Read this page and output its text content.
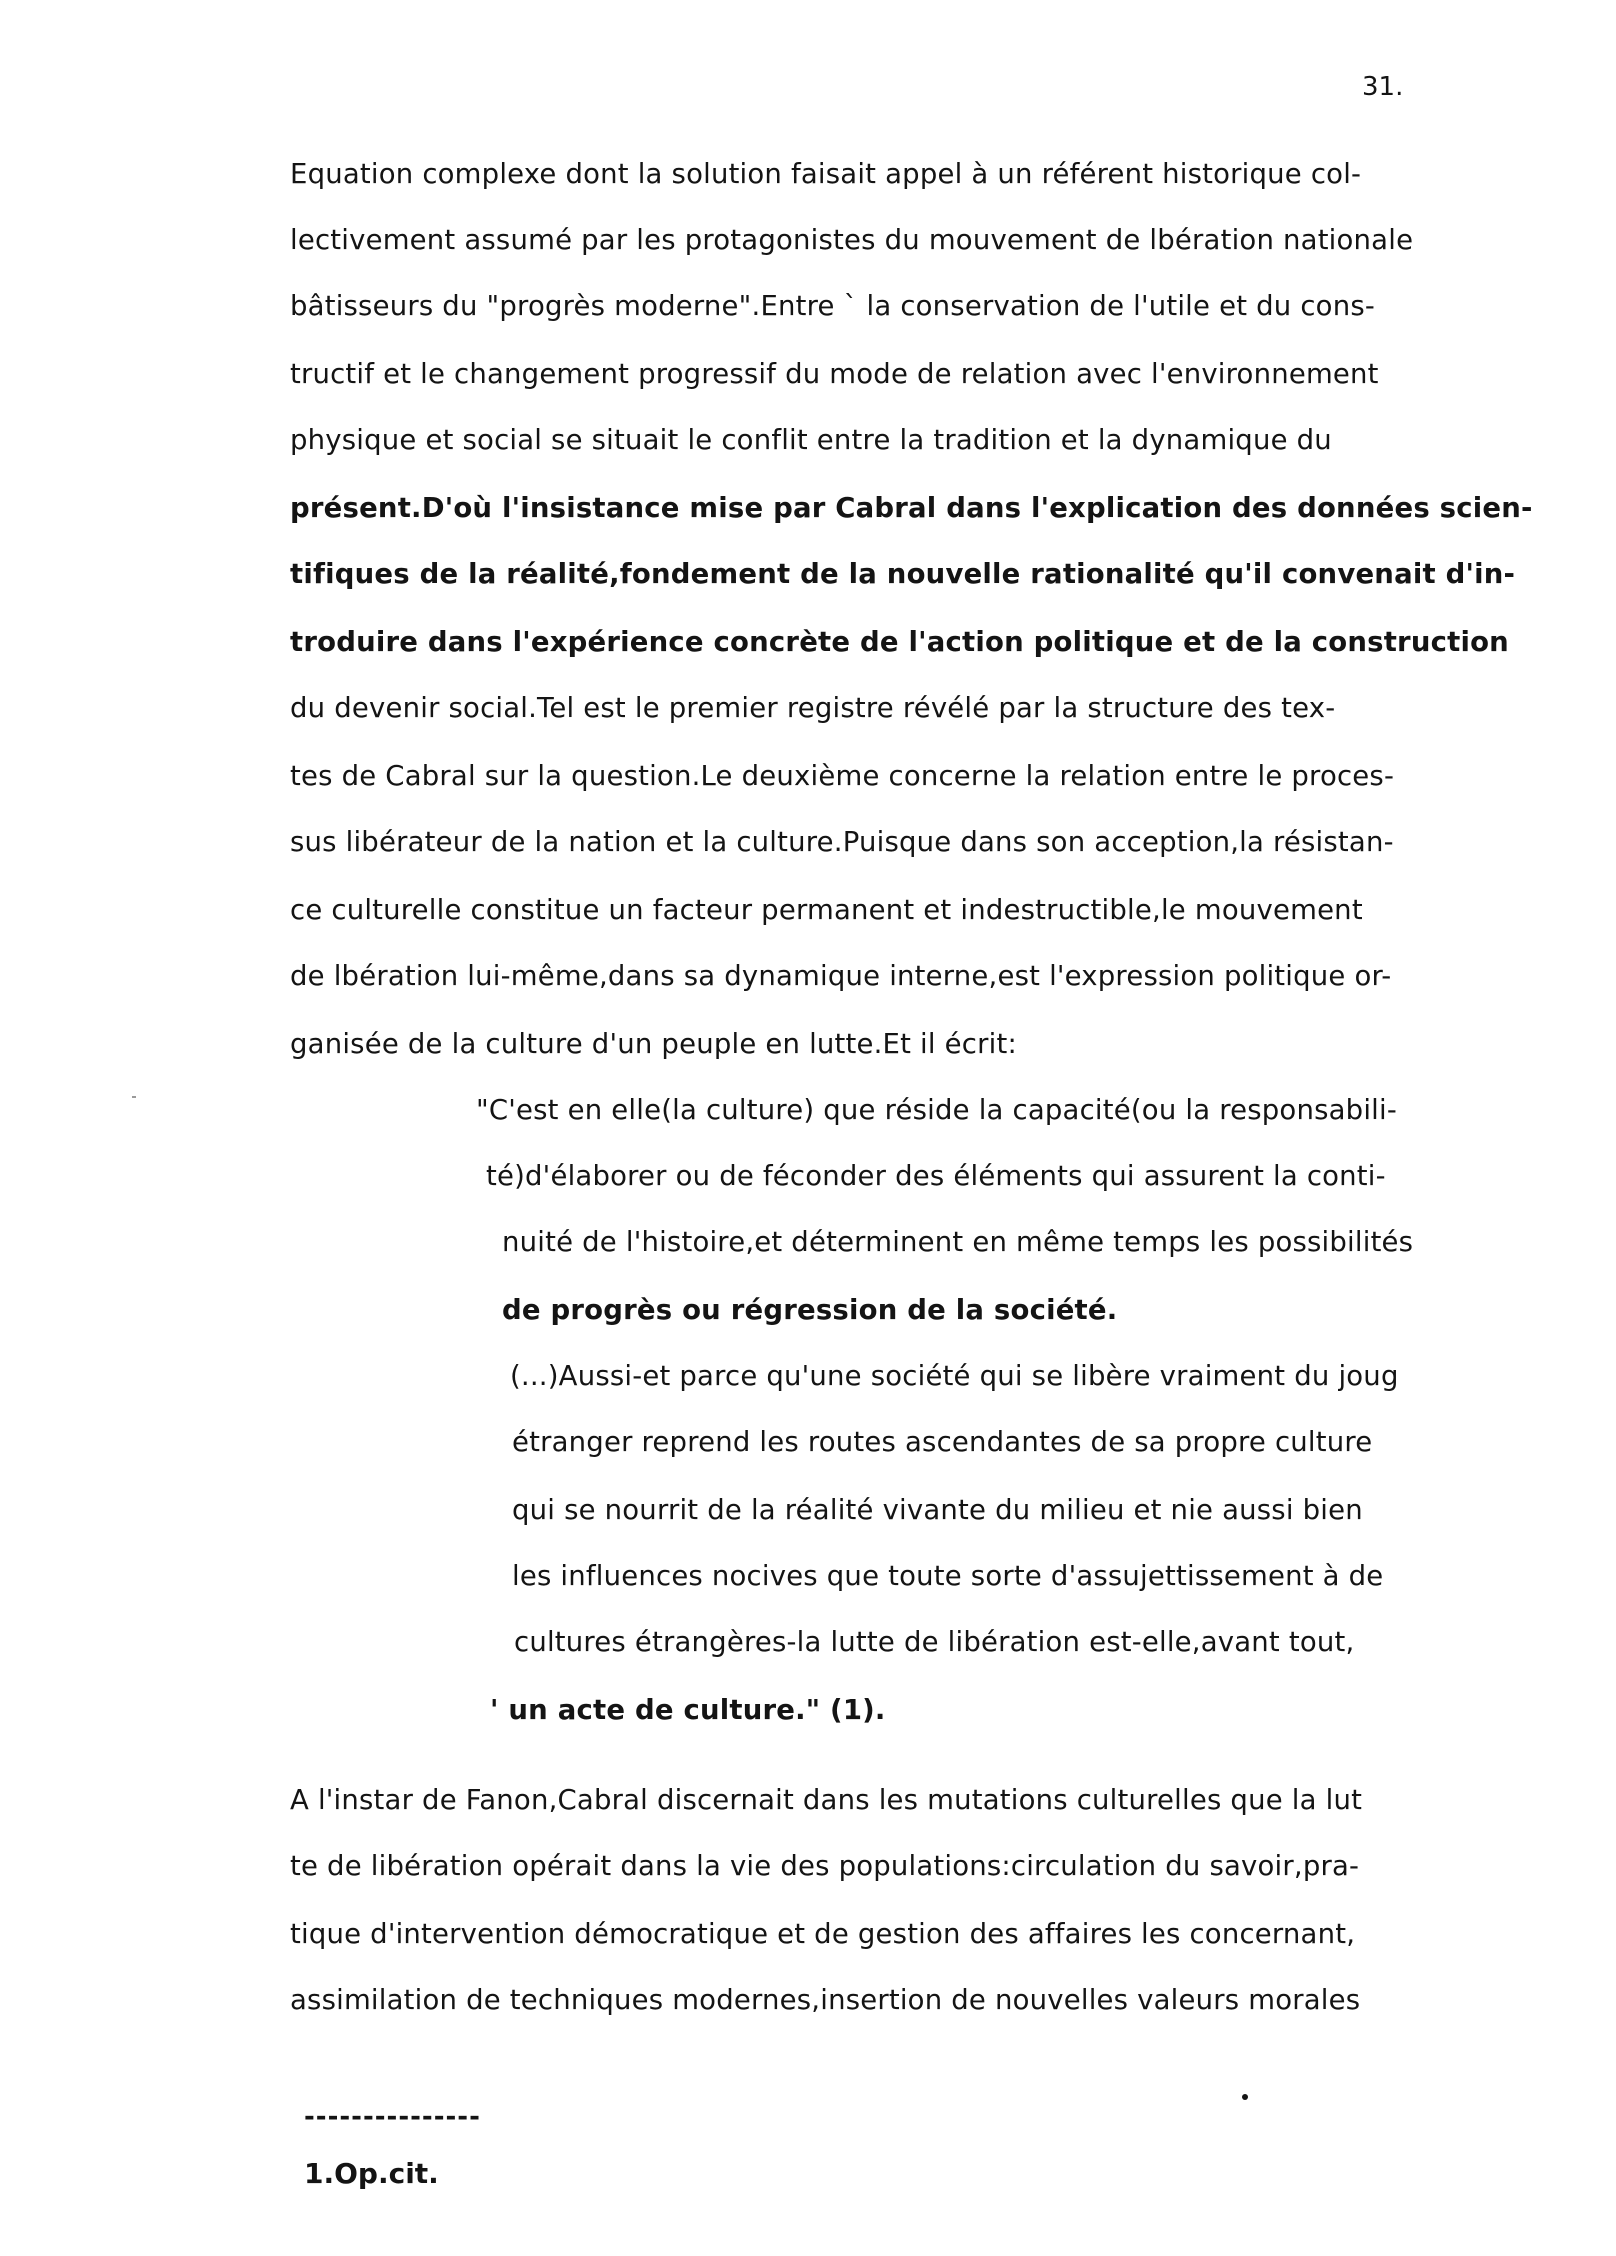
31.
Equation complexe dont la solution faisait appel à un référent historique col-
lectivement assumé par les protagonistes du mouvement de lbération nationale
bâtisseurs du "progrès moderne".Entre ` la conservation de l'utile et du cons-
tructif et le changement progressif du mode de relation avec l'environnement
physique et social se situait le conflit entre la tradition et la dynamique du
présent.D'où l'insistance mise par Cabral dans l'explication des données scien-
tifiques de la réalité,fondement de la nouvelle rationalité qu'il convenait d'in-
troduire dans l'expérience concrète de l'action politique et de la construction
du devenir social.Tel est le premier registre révélé par la structure des tex-
tes de Cabral sur la question.Le deuxième concerne la relation entre le proces-
sus libérateur de la nation et la culture.Puisque dans son acception,la résistan-
ce culturelle constitue un facteur permanent et indestructible,le mouvement
de lbération lui-même,dans sa dynamique interne,est l'expression politique or-
ganisée de la culture d'un peuple en lutte.Et il écrit:
"C'est en elle(la culture) que réside la capacité(ou la responsabili-
té)d'élaborer ou de féconder des éléments qui assurent la conti-
nuité de l'histoire,et déterminent en même temps les possibilités
de progrès ou régression de la société.
(...)Aussi-et parce qu'une société qui se libère vraiment du joug
étranger reprend les routes ascendantes de sa propre culture
qui se nourrit de la réalité vivante du milieu et nie aussi bien
les influences nocives que toute sorte d'assujettissement à de
cultures étrangères-la lutte de libération est-elle,avant tout,
' un acte de culture." (1).
A l'instar de Fanon,Cabral discernait dans les mutations culturelles que la lut
te de libération opérait dans la vie des populations:circulation du savoir,pra-
tique d'intervention démocratique et de gestion des affaires les concernant,
assimilation de techniques modernes,insertion de nouvelles valeurs morales
---------------
1.Op.cit.
